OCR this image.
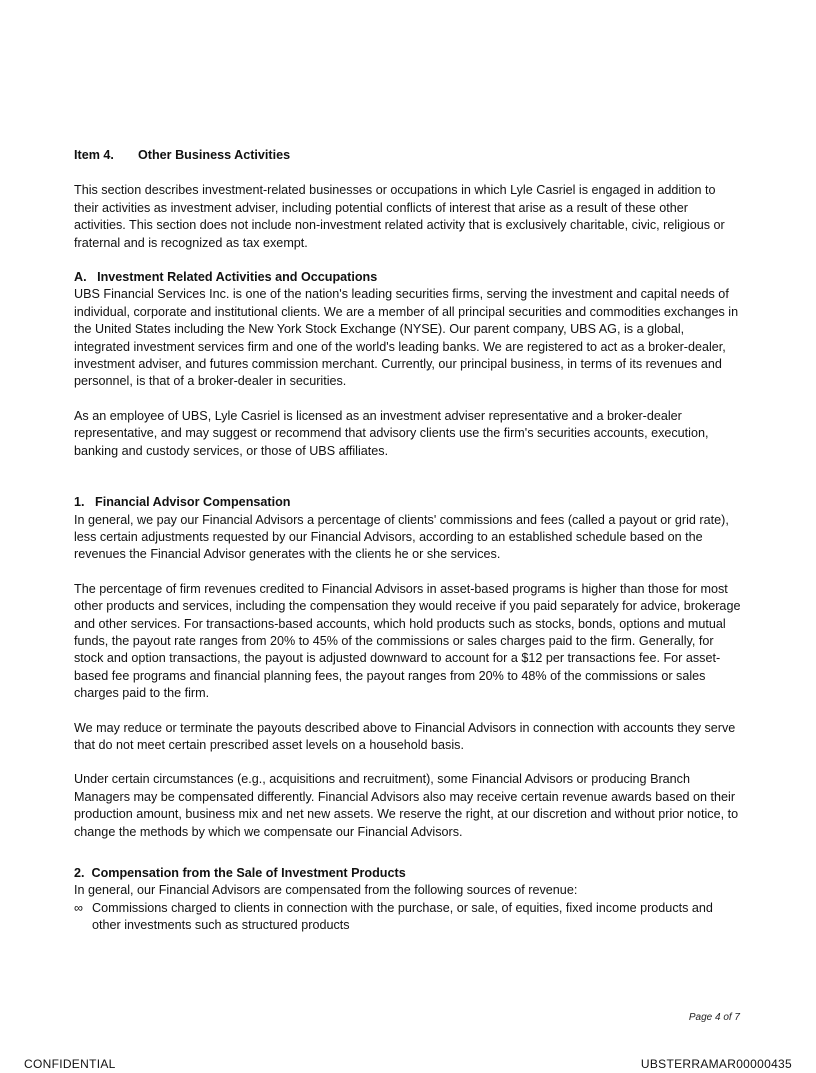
Item 4.	Other Business Activities

This section describes investment-related businesses or occupations in which Lyle Casriel is engaged in addition to their activities as investment adviser, including potential conflicts of interest that arise as a result of these other activities. This section does not include non-investment related activity that is exclusively charitable, civic, religious or fraternal and is recognized as tax exempt.

A.   Investment Related Activities and Occupations

UBS Financial Services Inc. is one of the nation's leading securities firms, serving the investment and capital needs of individual, corporate and institutional clients. We are a member of all principal securities and commodities exchanges in the United States including the New York Stock Exchange (NYSE). Our parent company, UBS AG, is a global, integrated investment services firm and one of the world's leading banks. We are registered to act as a broker-dealer, investment adviser, and futures commission merchant. Currently, our principal business, in terms of its revenues and personnel, is that of a broker-dealer in securities.

As an employee of UBS, Lyle Casriel is licensed as an investment adviser representative and a broker-dealer representative, and may suggest or recommend that advisory clients use the firm's securities accounts, execution, banking and custody services, or those of UBS affiliates.

1.   Financial Advisor Compensation

In general, we pay our Financial Advisors a percentage of clients' commissions and fees (called a payout or grid rate), less certain adjustments requested by our Financial Advisors, according to an established schedule based on the revenues the Financial Advisor generates with the clients he or she services.

The percentage of firm revenues credited to Financial Advisors in asset-based programs is higher than those for most other products and services, including the compensation they would receive if you paid separately for advice, brokerage and other services. For transactions-based accounts, which hold products such as stocks, bonds, options and mutual funds, the payout rate ranges from 20% to 45% of the commissions or sales charges paid to the firm. Generally, for stock and option transactions, the payout is adjusted downward to account for a $12 per transactions fee. For asset-based fee programs and financial planning fees, the payout ranges from 20% to 48% of the commissions or sales charges paid to the firm.

We may reduce or terminate the payouts described above to Financial Advisors in connection with accounts they serve that do not meet certain prescribed asset levels on a household basis.

Under certain circumstances (e.g., acquisitions and recruitment), some Financial Advisors or producing Branch Managers may be compensated differently. Financial Advisors also may receive certain revenue awards based on their production amount, business mix and net new assets. We reserve the right, at our discretion and without prior notice, to change the methods by which we compensate our Financial Advisors.

2.  Compensation from the Sale of Investment Products
In general, our Financial Advisors are compensated from the following sources of revenue:
∞ Commissions charged to clients in connection with the purchase, or sale, of equities, fixed income products and other investments such as structured products
Page 4 of 7
CONFIDENTIAL	UBSTERRAMAR00000435
